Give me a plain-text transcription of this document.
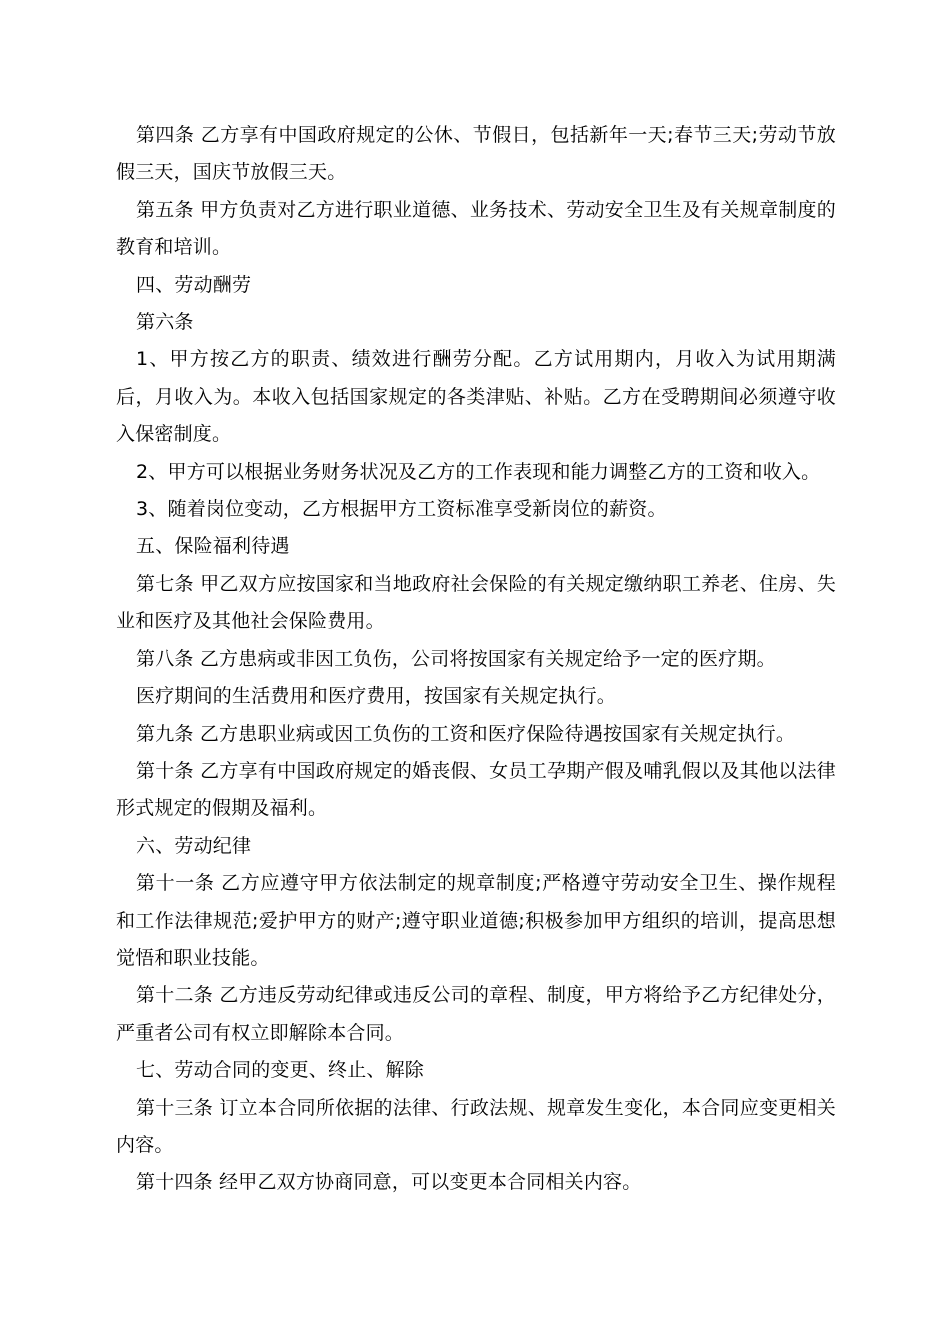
第四条 乙方享有中国政府规定的公休、节假日，包括新年一天;春节三天;劳动节放假三天，国庆节放假三天。

第五条 甲方负责对乙方进行职业道德、业务技术、劳动安全卫生及有关规章制度的教育和培训。

四、劳动酬劳

第六条

1、甲方按乙方的职责、绩效进行酬劳分配。乙方试用期内，月收入为试用期满后，月收入为。本收入包括国家规定的各类津贴、补贴。乙方在受聘期间必须遵守收入保密制度。

2、甲方可以根据业务财务状况及乙方的工作表现和能力调整乙方的工资和收入。

3、随着岗位变动，乙方根据甲方工资标准享受新岗位的薪资。

五、保险福利待遇

第七条 甲乙双方应按国家和当地政府社会保险的有关规定缴纳职工养老、住房、失业和医疗及其他社会保险费用。

第八条 乙方患病或非因工负伤，公司将按国家有关规定给予一定的医疗期。

医疗期间的生活费用和医疗费用，按国家有关规定执行。

第九条 乙方患职业病或因工负伤的工资和医疗保险待遇按国家有关规定执行。

第十条 乙方享有中国政府规定的婚丧假、女员工孕期产假及哺乳假以及其他以法律形式规定的假期及福利。

六、劳动纪律

第十一条 乙方应遵守甲方依法制定的规章制度;严格遵守劳动安全卫生、操作规程和工作法律规范;爱护甲方的财产;遵守职业道德;积极参加甲方组织的培训，提高思想觉悟和职业技能。

第十二条 乙方违反劳动纪律或违反公司的章程、制度，甲方将给予乙方纪律处分，严重者公司有权立即解除本合同。

七、劳动合同的变更、终止、解除

第十三条 订立本合同所依据的法律、行政法规、规章发生变化，本合同应变更相关内容。

第十四条 经甲乙双方协商同意，可以变更本合同相关内容。
